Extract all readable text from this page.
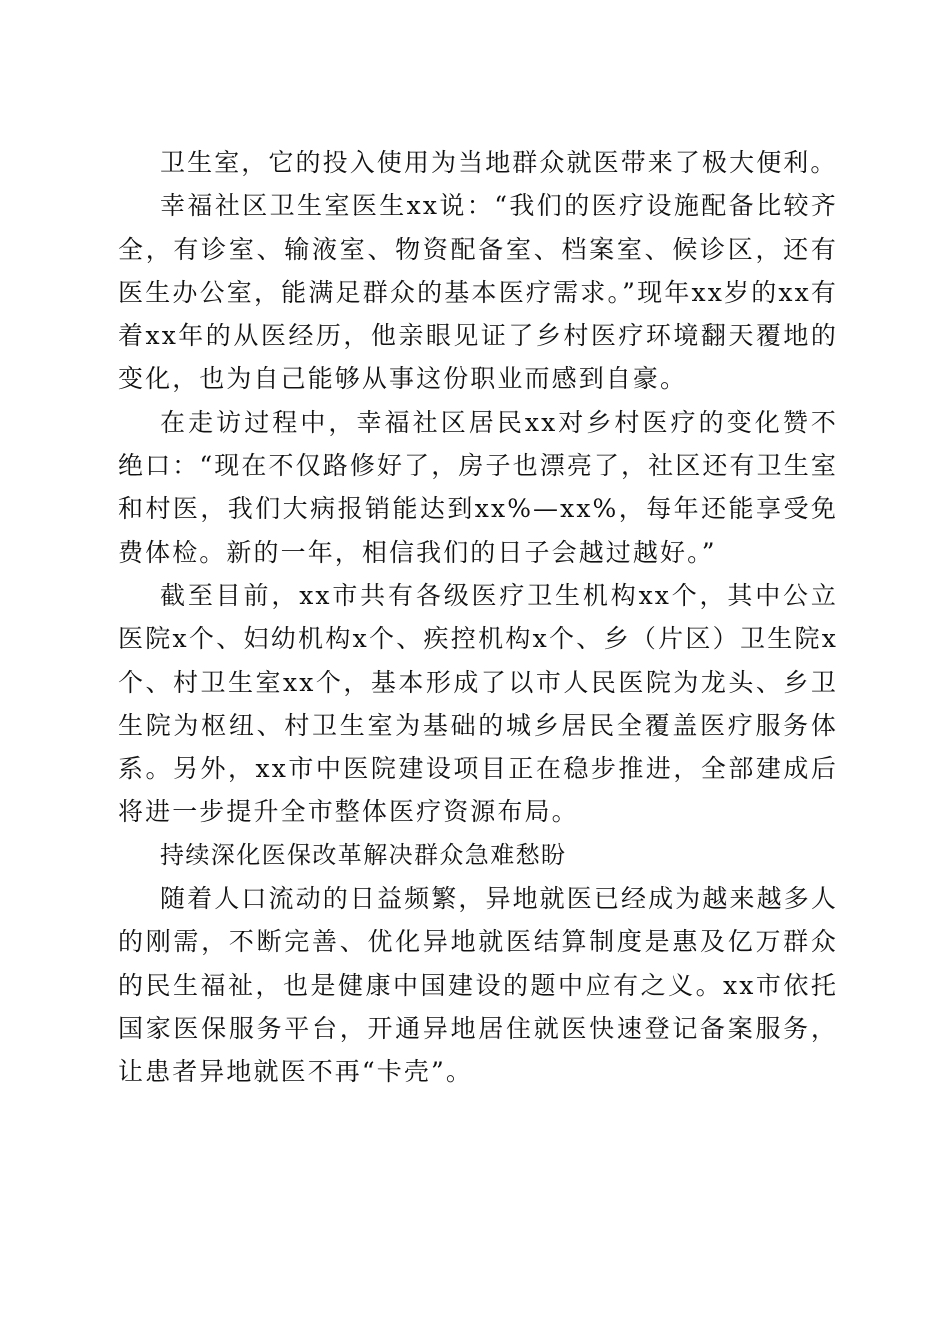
卫生室，它的投入使用为当地群众就医带来了极大便利。

幸福社区卫生室医生xx说：“我们的医疗设施配备比较齐全，有诊室、输液室、物资配备室、档案室、候诊区，还有医生办公室，能满足群众的基本医疗需求。”现年xx岁的xx有着xx年的从医经历，他亲眼见证了乡村医疗环境翻天覆地的变化，也为自己能够从事这份职业而感到自豪。

在走访过程中，幸福社区居民xx对乡村医疗的变化赞不绝口：“现在不仅路修好了，房子也漂亮了，社区还有卫生室和村医，我们大病报销能达到xx%—xx%，每年还能享受免费体检。新的一年，相信我们的日子会越过越好。”

截至目前，xx市共有各级医疗卫生机构xx个，其中公立医院x个、妇幼机构x个、疾控机构x个、乡（片区）卫生院x个、村卫生室xx个，基本形成了以市人民医院为龙头、乡卫生院为枢纽、村卫生室为基础的城乡居民全覆盖医疗服务体系。另外，xx市中医院建设项目正在稳步推进，全部建成后将进一步提升全市整体医疗资源布局。

持续深化医保改革解决群众急难愁盼

随着人口流动的日益频繁，异地就医已经成为越来越多人的刚需，不断完善、优化异地就医结算制度是惠及亿万群众的民生福祉，也是健康中国建设的题中应有之义。xx市依托国家医保服务平台，开通异地居住就医快速登记备案服务，让患者异地就医不再“卡壳”。
